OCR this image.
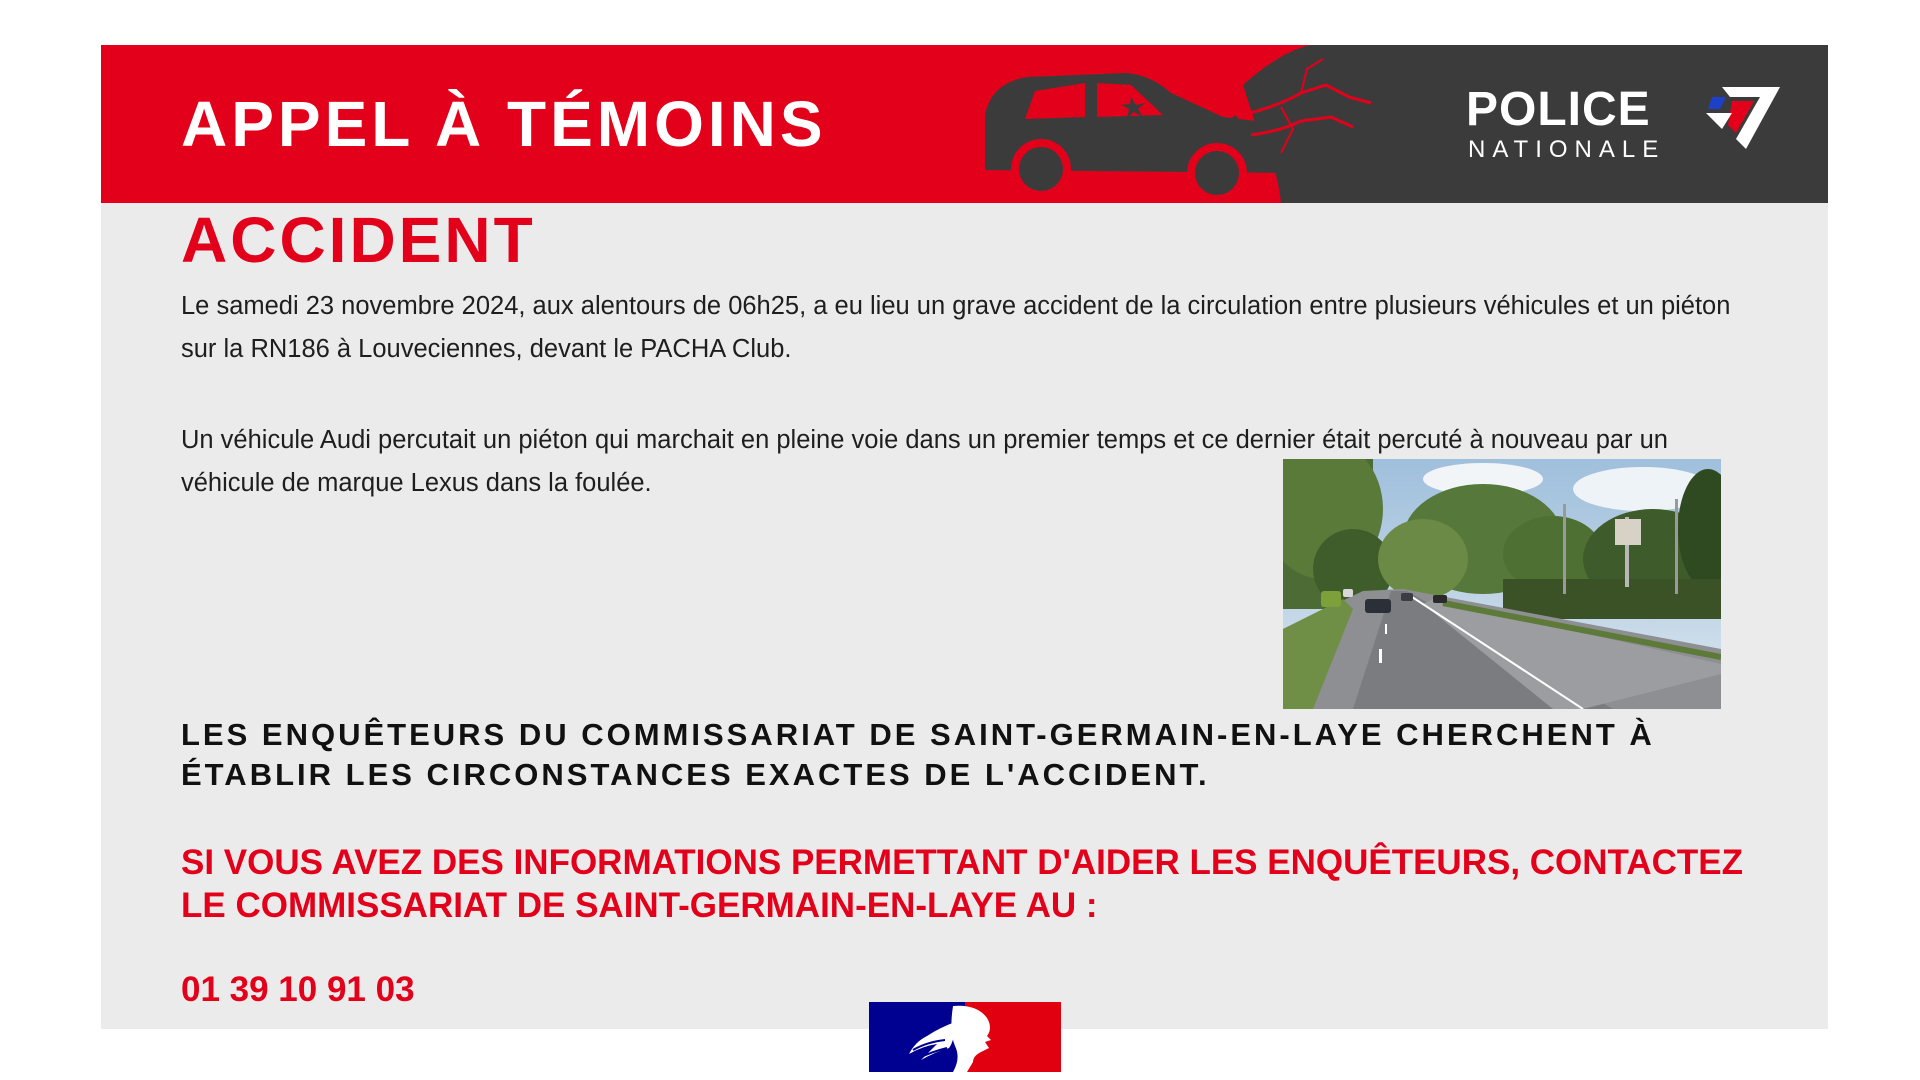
APPEL À TÉMOINS	POLICE
NATIONALE
ACCIDENT

Le samedi 23 novembre 2024, aux alentours de 06h25, a eu lieu un grave accident de la circulation entre plusieurs véhicules et un piéton sur la RN186 à Louveciennes, devant le PACHA Club.

Un véhicule Audi percutait un piéton qui marchait en pleine voie dans un premier temps et ce dernier était percuté à nouveau par un véhicule de marque Lexus dans la foulée.

LES ENQUÊTEURS DU COMMISSARIAT DE SAINT-GERMAIN-EN-LAYE CHERCHENT À ÉTABLIR LES CIRCONSTANCES EXACTES DE L'ACCIDENT.

SI VOUS AVEZ DES INFORMATIONS PERMETTANT D'AIDER LES ENQUÊTEURS, CONTACTEZ LE COMMISSARIAT DE SAINT-GERMAIN-EN-LAYE AU :

01 39 10 91 03
